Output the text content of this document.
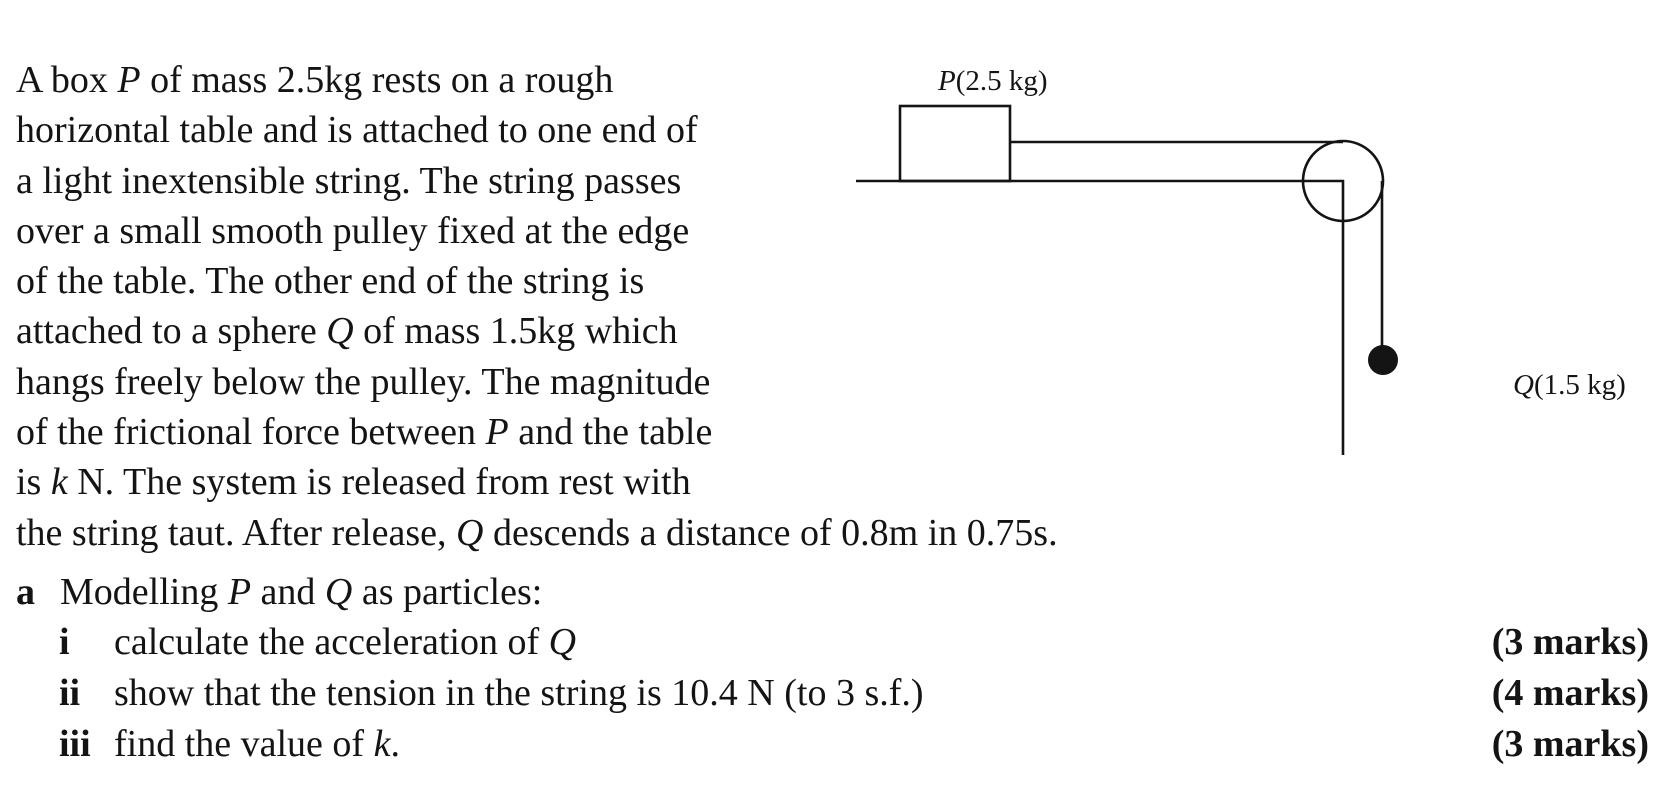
A box P of mass 2.5kg rests on a rough
horizontal table and is attached to one end of
a light inextensible string. The string passes
over a small smooth pulley fixed at the edge
of the table. The other end of the string is
attached to a sphere Q of mass 1.5kg which
hangs freely below the pulley. The magnitude
of the frictional force between P and the table
is k N. The system is released from rest with
the string taut. After release, Q descends a distance of 0.8m in 0.75s.
P(2.5 kg)
Q(1.5 kg)
a Modelling P and Q as particles:
i calculate the acceleration of Q	(3 marks)
ii show that the tension in the string is 10.4 N (to 3 s.f.)	(4 marks)
iii find the value of k.	(3 marks)
